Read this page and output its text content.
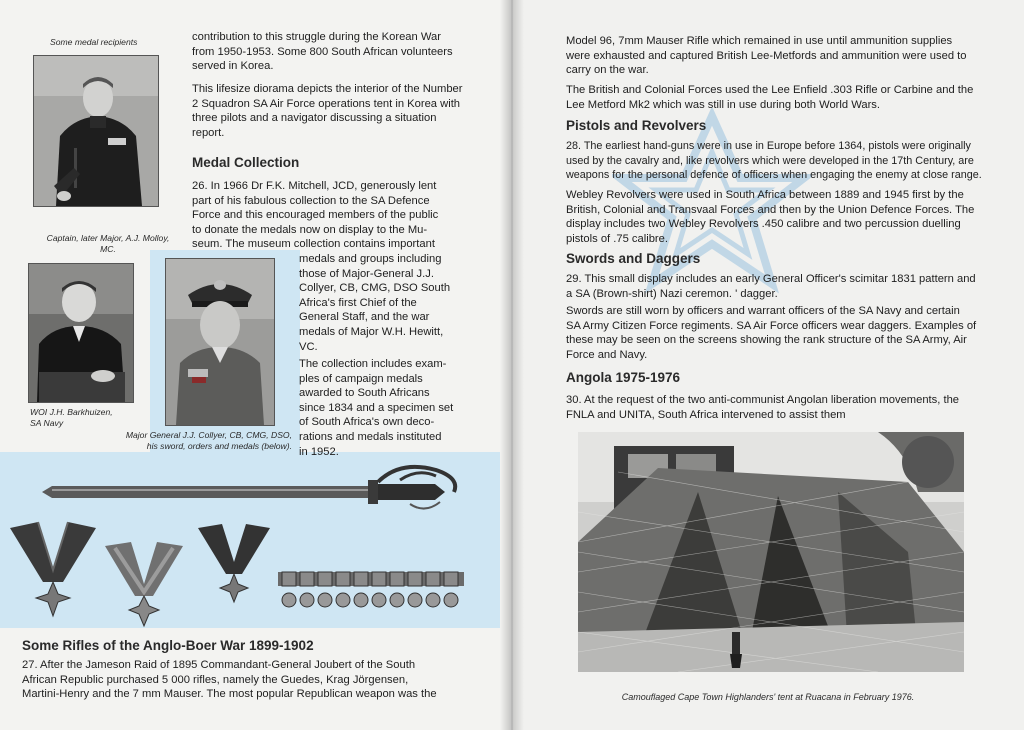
Some medal recipients
Captain, later Major, A.J. Molloy,
MC.
WOI J.H. Barkhuizen,
SA Navy
Major General J.J. Collyer, CB, CMG, DSO,
his sword, orders and medals (below).

contribution to this struggle during the Korean War from 1950-1953. Some 800 South African volunteers served in Korea.

This lifesize diorama depicts the interior of the Number 2 Squadron SA Air Force operations tent in Korea with three pilots and a navigator discussing a situation report.

Medal Collection
26. In 1966 Dr F.K. Mitchell, JCD, generously lent
part of his fabulous collection to the SA Defence
Force and this encouraged members of the public
to donate the medals now on display to the Mu-
seum. The museum collection contains important
medals and groups including
those of Major-General J.J.
Collyer, CB, CMG, DSO South
Africa's first Chief of the
General Staff, and the war
medals of Major W.H. Hewitt,
VC.
The collection includes exam-
ples of campaign medals
awarded to South Africans
since 1834 and a specimen set
of South Africa's own deco-
rations and medals instituted
in 1952.
Some Rifles of the Anglo-Boer War 1899-1902
27. After the Jameson Raid of 1895 Commandant-General Joubert of the South
African Republic purchased 5 000 rifles, namely the Guedes, Krag Jörgensen,
Martini-Henry and the 7 mm Mauser. The most popular Republican weapon was the
Model 96, 7mm Mauser Rifle which remained in use until ammunition supplies
were exhausted and captured British Lee-Metfords and ammunition were used to
carry on the war.
The British and Colonial Forces used the Lee Enfield .303 Rifle or Carbine and the
Lee Metford Mk2 which was still in use during both World Wars.
Pistols and Revolvers
28. The earliest hand-guns were in use in Europe before 1364, pistols were originally
used by the cavalry and, like revolvers which were developed in the 17th Century, are
weapons for the personal defence of officers when engaging the enemy at close range.
Webley Revolvers were used in South Africa between 1889 and 1945 first by the
British, Colonial and Transvaal Forces and then by the Union Defence Forces. The
display includes two Webley Revolvers .450 calibre and two percussion duelling
pistols of .75 calibre.
Swords and Daggers
29. This small display includes an early General Officer's scimitar 1831 pattern and
a SA (Brown-shirt) Nazi ceremon. ' dagger.
Swords are still worn by officers and warrant officers of the SA Navy and certain
SA Army Citizen Force regiments. SA Air Force officers wear daggers. Examples of
these may be seen on the screens showing the rank structure of the SA Army, Air
Force and Navy.
Angola 1975-1976
30. At the request of the two anti-communist Angolan liberation movements, the
FNLA and UNITA, South Africa intervened to assist them
Camouflaged Cape Town Highlanders' tent at Ruacana in February 1976.
